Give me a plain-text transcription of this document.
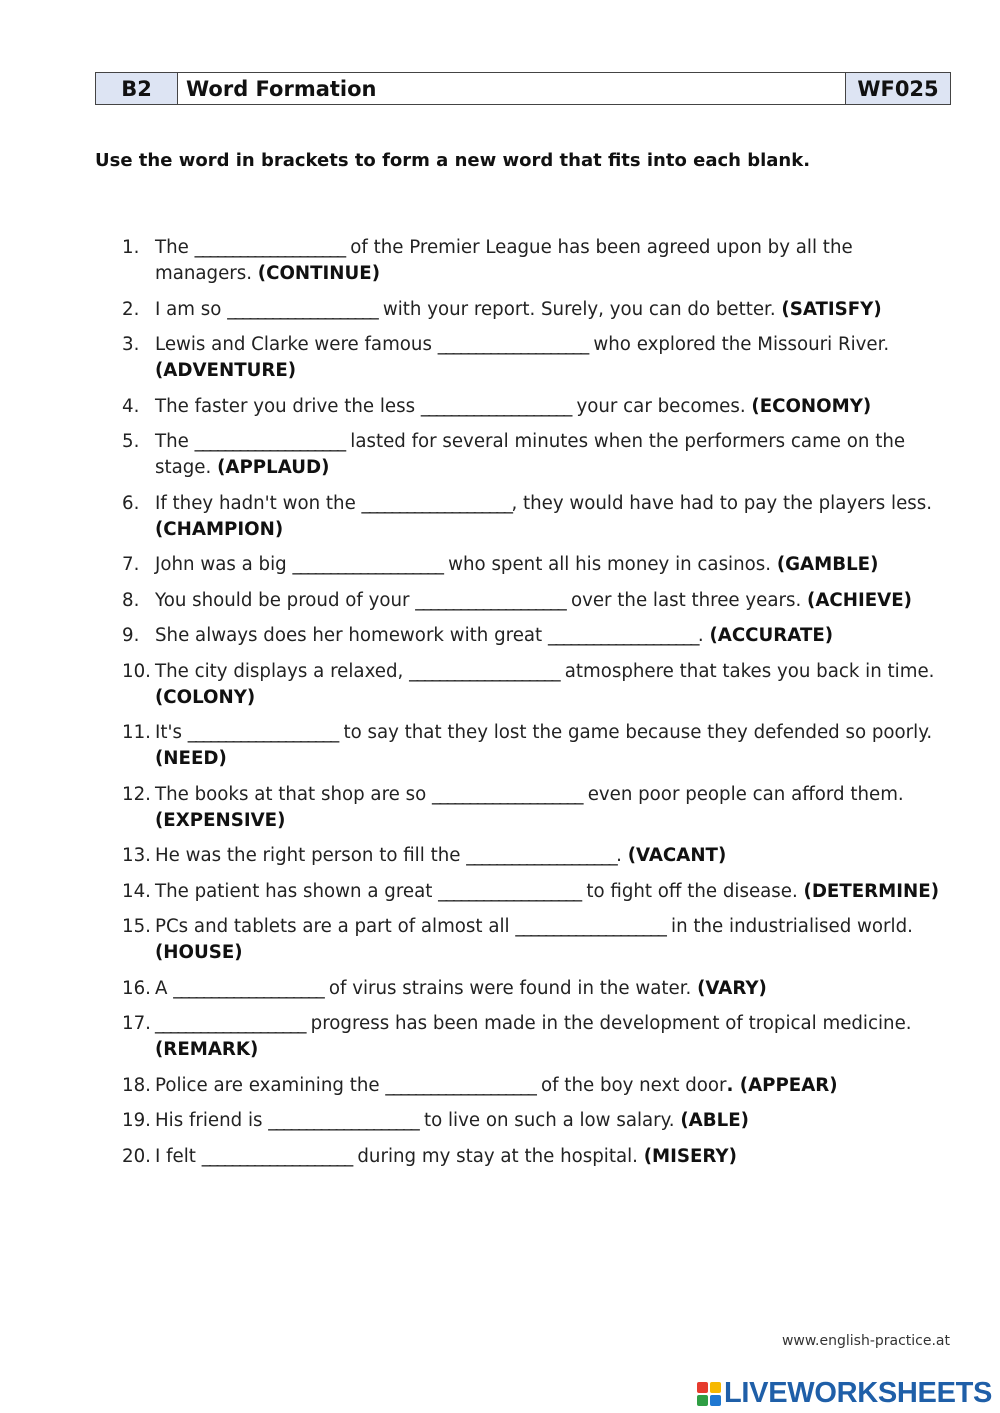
B2	Word Formation	WF025
Use the word in brackets to form a new word that fits into each blank.
1. The ____________________ of the Premier League has been agreed upon by all the managers. (CONTINUE)
2. I am so ____________________ with your report. Surely, you can do better. (SATISFY)
3. Lewis and Clarke were famous ____________________ who explored the Missouri River. (ADVENTURE)
4. The faster you drive the less ____________________ your car becomes. (ECONOMY)
5. The ____________________ lasted for several minutes when the performers came on the stage. (APPLAUD)
6. If they hadn't won the ____________________, they would have had to pay the players less. (CHAMPION)
7. John was a big ____________________ who spent all his money in casinos. (GAMBLE)
8. You should be proud of your ____________________ over the last three years. (ACHIEVE)
9. She always does her homework with great ____________________. (ACCURATE)
10. The city displays a relaxed, ____________________ atmosphere that takes you back in time. (COLONY)
11. It's ____________________ to say that they lost the game because they defended so poorly. (NEED)
12. The books at that shop are so ____________________ even poor people can afford them. (EXPENSIVE)
13. He was the right person to fill the ____________________. (VACANT)
14. The patient has shown a great ___________________ to fight off the disease. (DETERMINE)
15. PCs and tablets are a part of almost all ____________________ in the industrialised world. (HOUSE)
16. A ____________________ of virus strains were found in the water. (VARY)
17. ____________________ progress has been made in the development of tropical medicine. (REMARK)
18. Police are examining the ____________________ of the boy next door. (APPEAR)
19. His friend is ____________________ to live on such a low salary. (ABLE)
20. I felt ____________________ during my stay at the hospital. (MISERY)
www.english-practice.at
LIVEWORKSHEETS
